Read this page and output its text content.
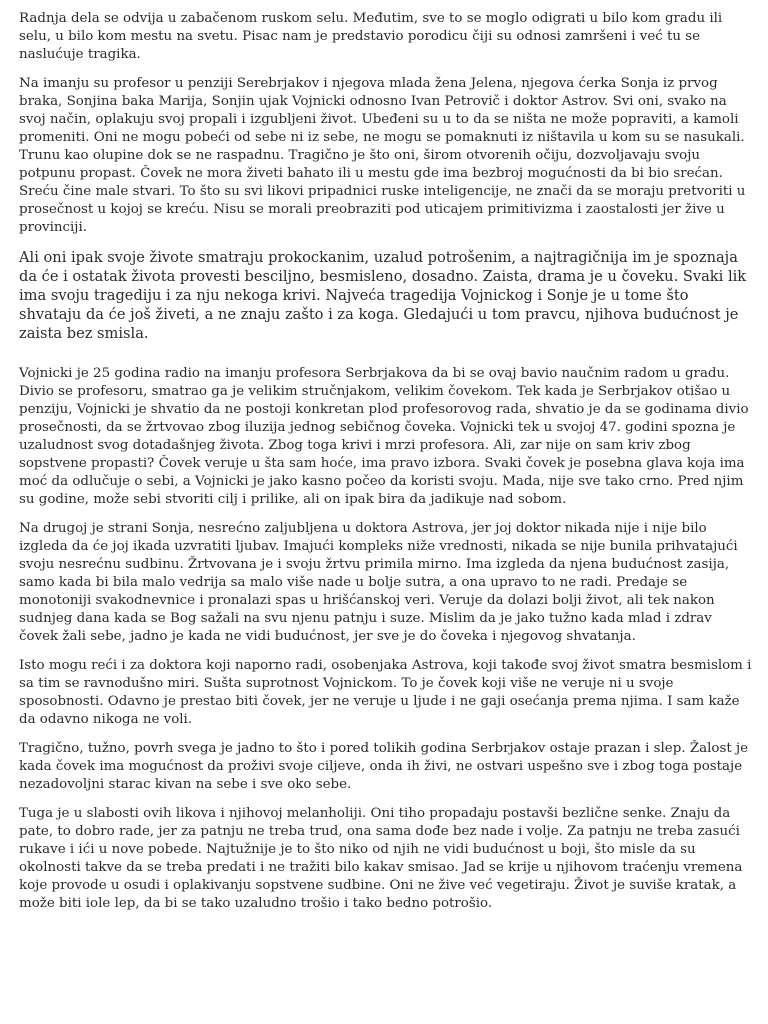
Radnja dela se odvija u zabačenom ruskom selu. Međutim, sve to se moglo odigrati u bilo kom gradu ili selu, u bilo kom mestu na svetu. Pisac nam je predstavio porodicu čiji su odnosi zamršeni i već tu se naslućuje tragika.

Na imanju su profesor u penziji Serebrjakov i njegova mlada žena Jelena, njegova ćerka Sonja iz prvog braka, Sonjina baka Marija, Sonjin ujak Vojnicki odnosno Ivan Petrovič i doktor Astrov. Svi oni, svako na svoj način, oplakuju svoj propali i izgubljeni život. Ubeđeni su u to da se ništa ne može popraviti, a kamoli promeniti. Oni ne mogu pobeći od sebe ni iz sebe, ne mogu se pomaknuti iz ništavila u kom su se nasukali. Trunu kao olupine dok se ne raspadnu. Tragično je što oni, širom otvorenih očiju, dozvoljavaju svoju potpunu propast. Čovek ne mora živeti bahato ili u mestu gde ima bezbroj mogućnosti da bi bio srećan. Sreću čine male stvari. To što su svi likovi pripadnici ruske inteligencije, ne znači da se moraju pretvoriti u prosečnost u kojoj se kreću. Nisu se morali preobraziti pod uticajem primitivizma i zaostalosti jer žive u provinciji.

Ali oni ipak svoje živote smatraju prokockanim, uzalud potrošenim, a najtragičnija im je spoznaja da će i ostatak života provesti besciljno, besmisleno, dosadno. Zaista, drama je u čoveku. Svaki lik ima svoju tragediju i za nju nekoga krivi. Najveća tragedija Vojnickog i Sonje je u tome što shvataju da će još živeti, a ne znaju zašto i za koga. Gledajući u tom pravcu, njihova budućnost je zaista bez smisla.

Vojnicki je 25 godina radio na imanju profesora Serbrjakova da bi se ovaj bavio naučnim radom u gradu. Divio se profesoru, smatrao ga je velikim stručnjakom, velikim čovekom. Tek kada je Serbrjakov otišao u penziju, Vojnicki je shvatio da ne postoji konkretan plod profesorovog rada, shvatio je da se godinama divio prosečnosti, da se žrtvovao zbog iluzija jednog sebičnog čoveka. Vojnicki tek u svojoj 47. godini spozna je uzaludnost svog dotadašnjeg života. Zbog toga krivi i mrzi profesora. Ali, zar nije on sam kriv zbog sopstvene propasti? Čovek veruje u šta sam hoće, ima pravo izbora. Svaki čovek je posebna glava koja ima moć da odlučuje o sebi, a Vojnicki je jako kasno počeo da koristi svoju. Mada, nije sve tako crno. Pred njim su godine, može sebi stvoriti cilj i prilike, ali on ipak bira da jadikuje nad sobom.

Na drugoj je strani Sonja, nesrećno zaljubljena u doktora Astrova, jer joj doktor nikada nije i nije bilo izgleda da će joj ikada uzvratiti ljubav. Imajući kompleks niže vrednosti, nikada se nije bunila prihvatajući svoju nesrećnu sudbinu. Žrtvovana je i svoju žrtvu primila mirno. Ima izgleda da njena budućnost zasija, samo kada bi bila malo vedrija sa malo više nade u bolje sutra, a ona upravo to ne radi. Predaje se monotoniji svakodnevnice i pronalazi spas u hrišćanskoj veri. Veruje da dolazi bolji život, ali tek nakon sudnjeg dana kada se Bog sažali na svu njenu patnju i suze. Mislim da je jako tužno kada mlad i zdrav čovek žali sebe, jadno je kada ne vidi budućnost, jer sve je do čoveka i njegovog shvatanja.

Isto mogu reći i za doktora koji naporno radi, osobenjaka Astrova, koji takođe svoj život smatra besmislom i sa tim se ravnodušno miri. Sušta suprotnost Vojnickom. To je čovek koji više ne veruje ni u svoje sposobnosti. Odavno je prestao biti čovek, jer ne veruje u ljude i ne gaji osećanja prema njima. I sam kaže da odavno nikoga ne voli.

Tragično, tužno, povrh svega je jadno to što i pored tolikih godina Serbrjakov ostaje prazan i slep. Žalost je kada čovek ima mogućnost da proživi svoje ciljeve, onda ih živi, ne ostvari uspešno sve i zbog toga postaje nezadovoljni starac kivan na sebe i sve oko sebe.

Tuga je u slabosti ovih likova i njihovoj melanholiji. Oni tiho propadaju postavši bezlične senke. Znaju da pate, to dobro rade, jer za patnju ne treba trud, ona sama dođe bez nade i volje. Za patnju ne treba zasući rukave i ići u nove pobede. Najtužnije je to što niko od njih ne vidi budućnost u boji, što misle da su okolnosti takve da se treba predati i ne tražiti bilo kakav smisao. Jad se krije u njihovom traćenju vremena koje provode u osudi i oplakivanju sopstvene sudbine. Oni ne žive već vegetiraju. Život je suviše kratak, a može biti iole lep, da bi se tako uzaludno trošio i tako bedno potrošio.
